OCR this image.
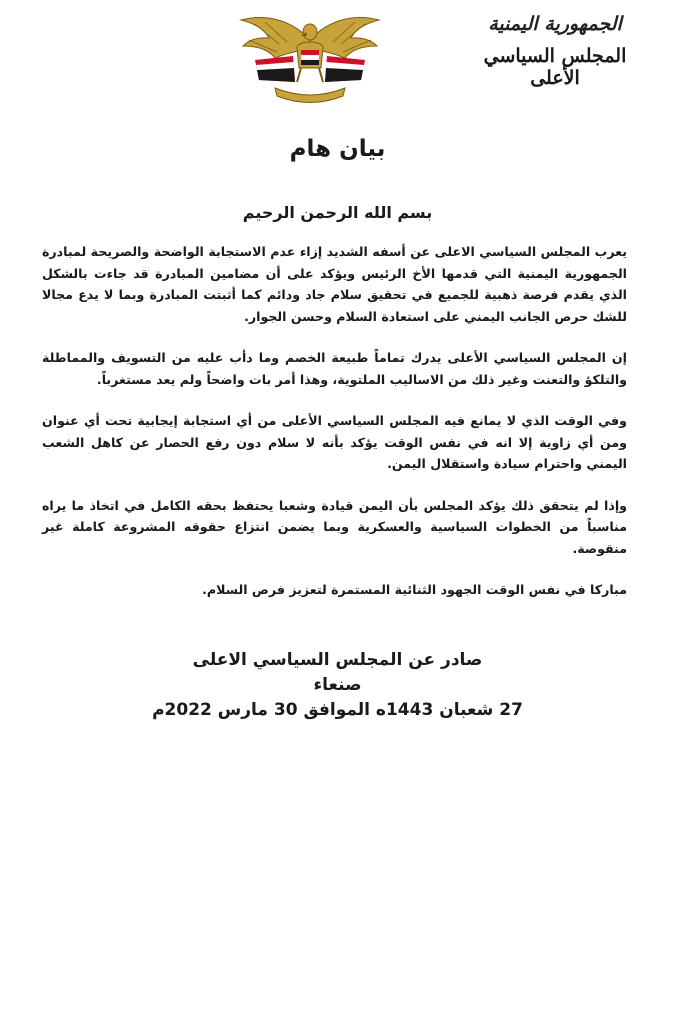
الجمهورية اليمنية
المجلس السياسي الأعلى
بيان هام
بسم الله الرحمن الرحيم

يعرب المجلس السياسي الاعلى عن أسفه الشديد إزاء عدم الاستجابة الواضحة والصريحة لمبادرة الجمهورية اليمنية التي قدمها الأخ الرئيس ويؤكد على أن مضامين المبادرة قد جاءت بالشكل الذي يقدم فرصة ذهبية للجميع في تحقيق سلام جاد ودائم كما أثبتت المبادرة وبما لا يدع مجالا للشك حرص الجانب اليمني على استعادة السلام وحسن الجوار.

إن المجلس السياسي الأعلى يدرك تماماً طبيعة الخصم وما دأب عليه من التسويف والمماطلة والتلكؤ والتعنت وغير ذلك من الاساليب الملتوية، وهذا أمر بات واضحاً ولم يعد مستغرباً.

وفي الوقت الذي لا يمانع فيه المجلس السياسي الأعلى من أي استجابة إيجابية تحت أي عنوان ومن أي زاوية إلا انه في نفس الوقت يؤكد بأنه لا سلام دون رفع الحصار عن كاهل الشعب اليمني واحترام سيادة واستقلال اليمن.

وإذا لم يتحقق ذلك يؤكد المجلس بأن اليمن قيادة وشعبا يحتفظ بحقه الكامل في اتخاذ ما يراه مناسباً من الخطوات السياسية والعسكرية وبما يضمن انتزاع حقوقه المشروعة كاملة غير منقوصة.

مباركا في نفس الوقت الجهود الثنائية المستمرة لتعزيز فرص السلام.

صادر عن المجلس السياسي الاعلى
صنعاء
27 شعبان 1443ه الموافق 30 مارس 2022م
